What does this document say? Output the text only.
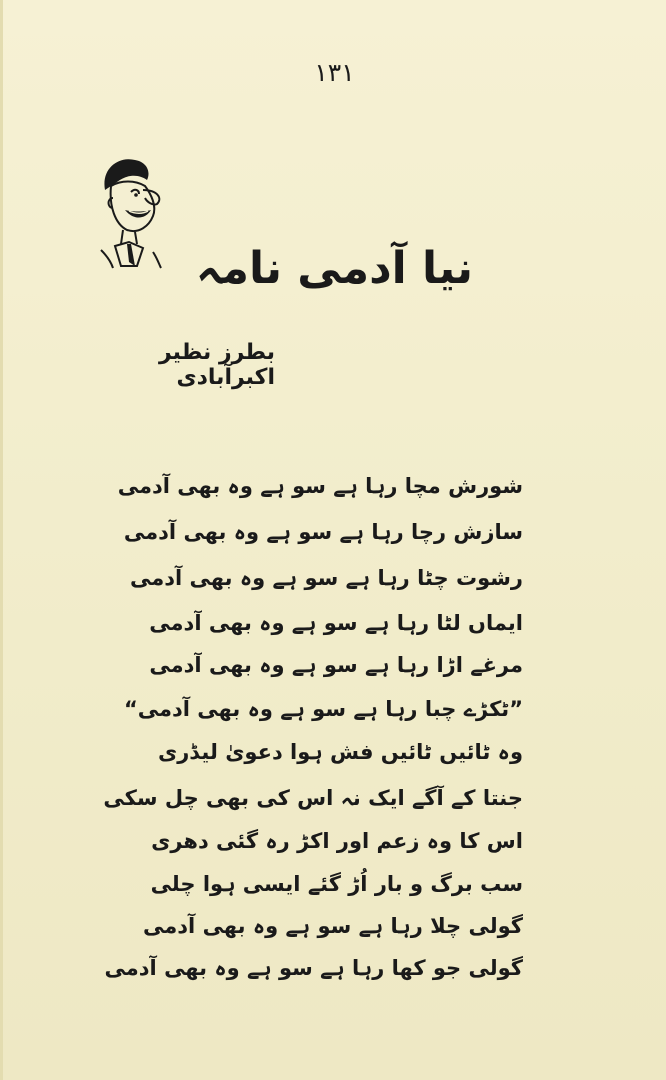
١٣١
نیا آدمی نامہ
بطرز نظیر اکبرآبادی
شورش مچا رہا ہے سو ہے وہ بھی آدمی
سازش رچا رہا ہے سو ہے وہ بھی آدمی
رشوت چٹا رہا ہے سو ہے وہ بھی آدمی
ایماں لٹا رہا ہے سو ہے وہ بھی آدمی
مرغے اڑا رہا ہے سو ہے وہ بھی آدمی
”ٹکڑے چبا رہا ہے سو ہے وہ بھی آدمی“
وہ ٹائیں ٹائیں فش ہوا دعویٰ لیڈری
جنتا کے آگے ایک نہ اس کی بھی چل سکی
اس کا وہ زعم اور اکڑ رہ گئی دھری
سب برگ و بار اُڑ گئے ایسی ہوا چلی
گولی چلا رہا ہے سو ہے وہ بھی آدمی
گولی جو کھا رہا ہے سو ہے وہ بھی آدمی
